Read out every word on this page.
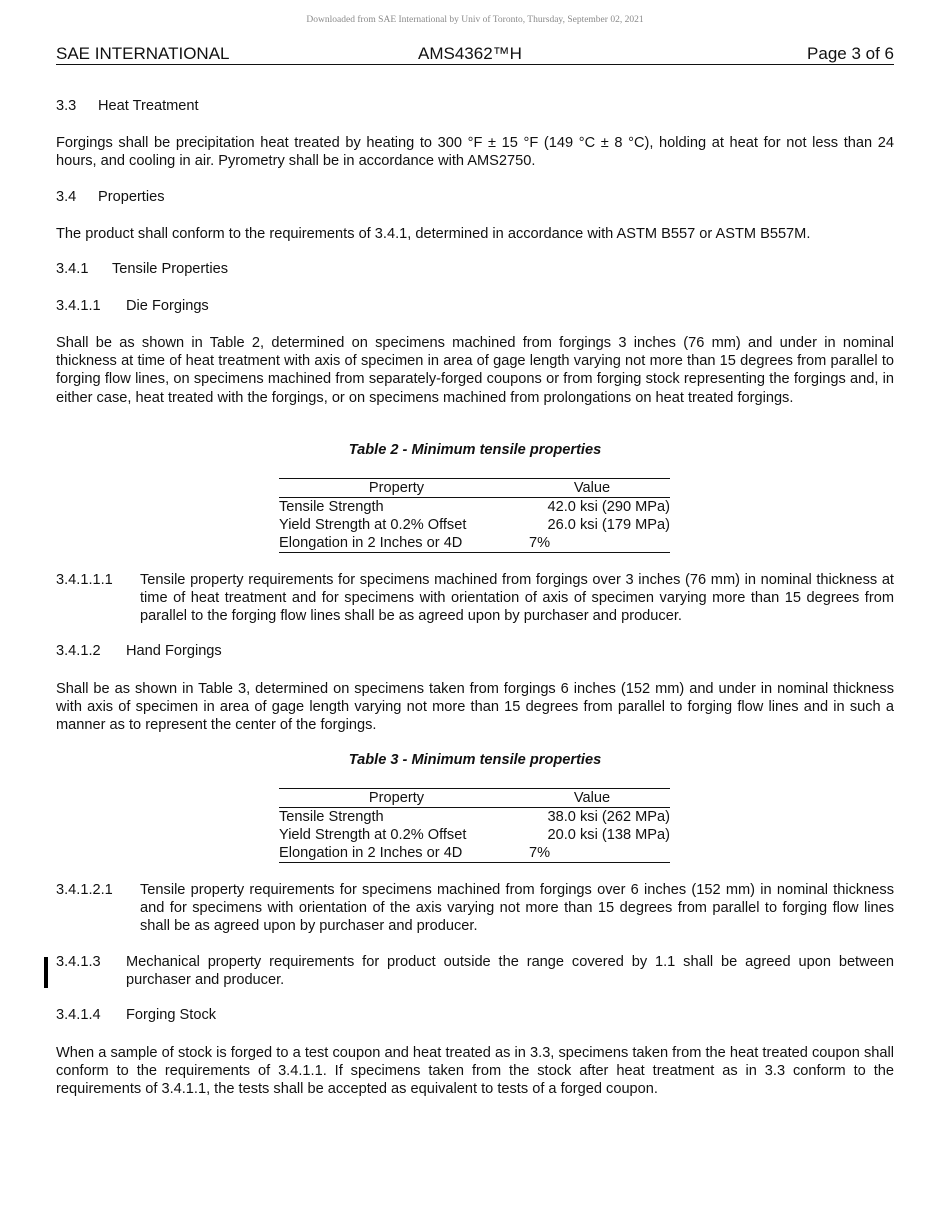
Downloaded from SAE International by Univ of Toronto, Thursday, September 02, 2021
SAE INTERNATIONAL	AMS4362™H	Page 3 of 6
3.3 Heat Treatment
Forgings shall be precipitation heat treated by heating to 300 °F ± 15 °F (149 °C ± 8 °C), holding at heat for not less than 24 hours, and cooling in air. Pyrometry shall be in accordance with AMS2750.
3.4 Properties
The product shall conform to the requirements of 3.4.1, determined in accordance with ASTM B557 or ASTM B557M.
3.4.1 Tensile Properties
3.4.1.1 Die Forgings
Shall be as shown in Table 2, determined on specimens machined from forgings 3 inches (76 mm) and under in nominal thickness at time of heat treatment with axis of specimen in area of gage length varying not more than 15 degrees from parallel to forging flow lines, on specimens machined from separately-forged coupons or from forging stock representing the forgings and, in either case, heat treated with the forgings, or on specimens machined from prolongations on heat treated forgings.
Table 2 - Minimum tensile properties
Property	Value
Tensile Strength	42.0 ksi (290 MPa)
Yield Strength at 0.2% Offset	26.0 ksi (179 MPa)
Elongation in 2 Inches or 4D	7%
3.4.1.1.1 Tensile property requirements for specimens machined from forgings over 3 inches (76 mm) in nominal thickness at time of heat treatment and for specimens with orientation of axis of specimen varying more than 15 degrees from parallel to the forging flow lines shall be as agreed upon by purchaser and producer.
3.4.1.2 Hand Forgings
Shall be as shown in Table 3, determined on specimens taken from forgings 6 inches (152 mm) and under in nominal thickness with axis of specimen in area of gage length varying not more than 15 degrees from parallel to forging flow lines and in such a manner as to represent the center of the forgings.
Table 3 - Minimum tensile properties
Property	Value
Tensile Strength	38.0 ksi (262 MPa)
Yield Strength at 0.2% Offset	20.0 ksi (138 MPa)
Elongation in 2 Inches or 4D	7%
3.4.1.2.1 Tensile property requirements for specimens machined from forgings over 6 inches (152 mm) in nominal thickness and for specimens with orientation of the axis varying not more than 15 degrees from parallel to forging flow lines shall be as agreed upon by purchaser and producer.
3.4.1.3 Mechanical property requirements for product outside the range covered by 1.1 shall be agreed upon between purchaser and producer.
3.4.1.4 Forging Stock
When a sample of stock is forged to a test coupon and heat treated as in 3.3, specimens taken from the heat treated coupon shall conform to the requirements of 3.4.1.1. If specimens taken from the stock after heat treatment as in 3.3 conform to the requirements of 3.4.1.1, the tests shall be accepted as equivalent to tests of a forged coupon.
